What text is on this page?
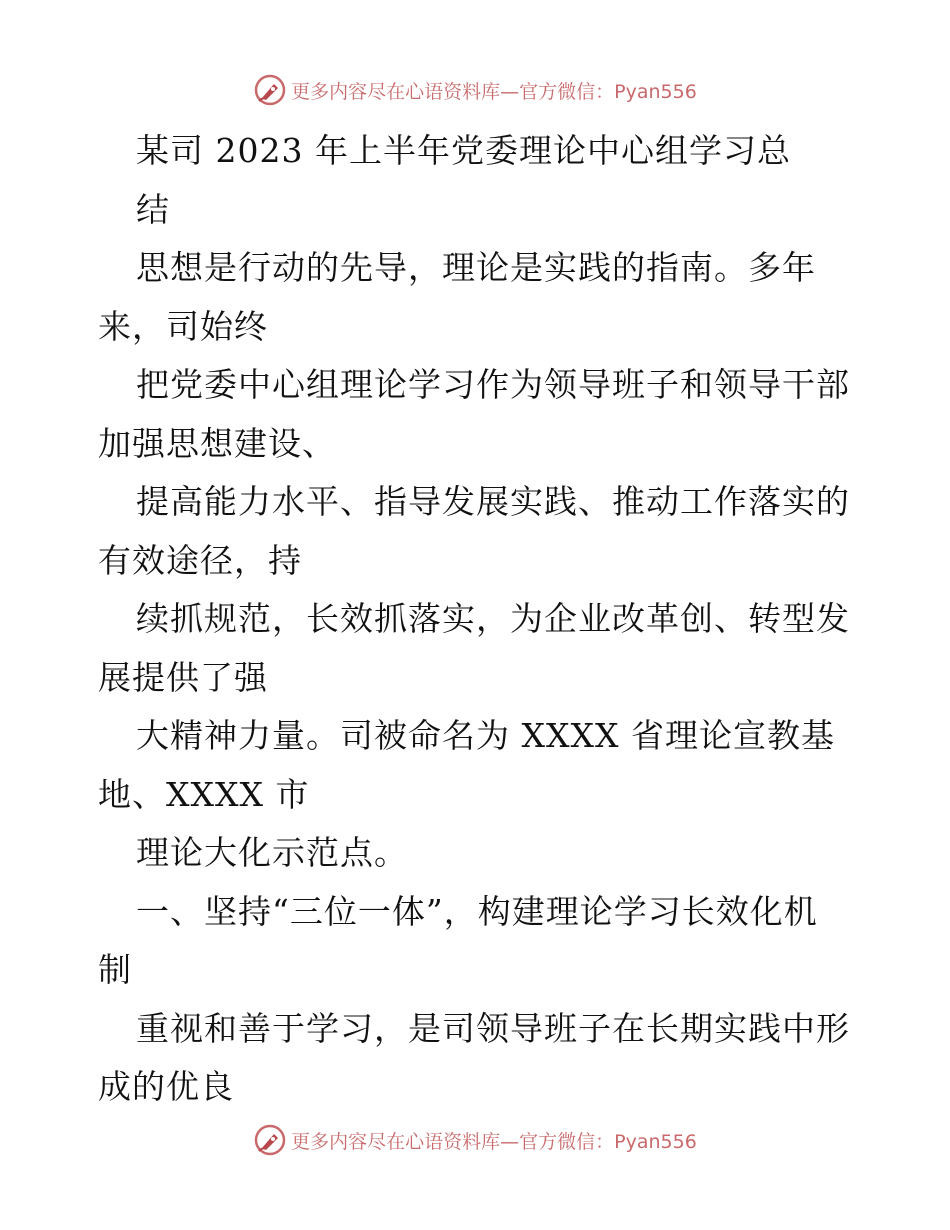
更多内容尽在心语资料库—官方微信：Pyan556
某司 2023 年上半年党委理论中心组学习总
结
思想是行动的先导，理论是实践的指南。多年
来，司始终
把党委中心组理论学习作为领导班子和领导干部
加强思想建设、
提高能力水平、指导发展实践、推动工作落实的
有效途径，持
续抓规范，长效抓落实，为企业改革创、转型发
展提供了强
大精神力量。司被命名为 XXXX 省理论宣教基
地、XXXX 市
理论大化示范点。
一、坚持“三位一体”，构建理论学习长效化机
制
重视和善于学习，是司领导班子在长期实践中形
成的优良
更多内容尽在心语资料库—官方微信：Pyan556
